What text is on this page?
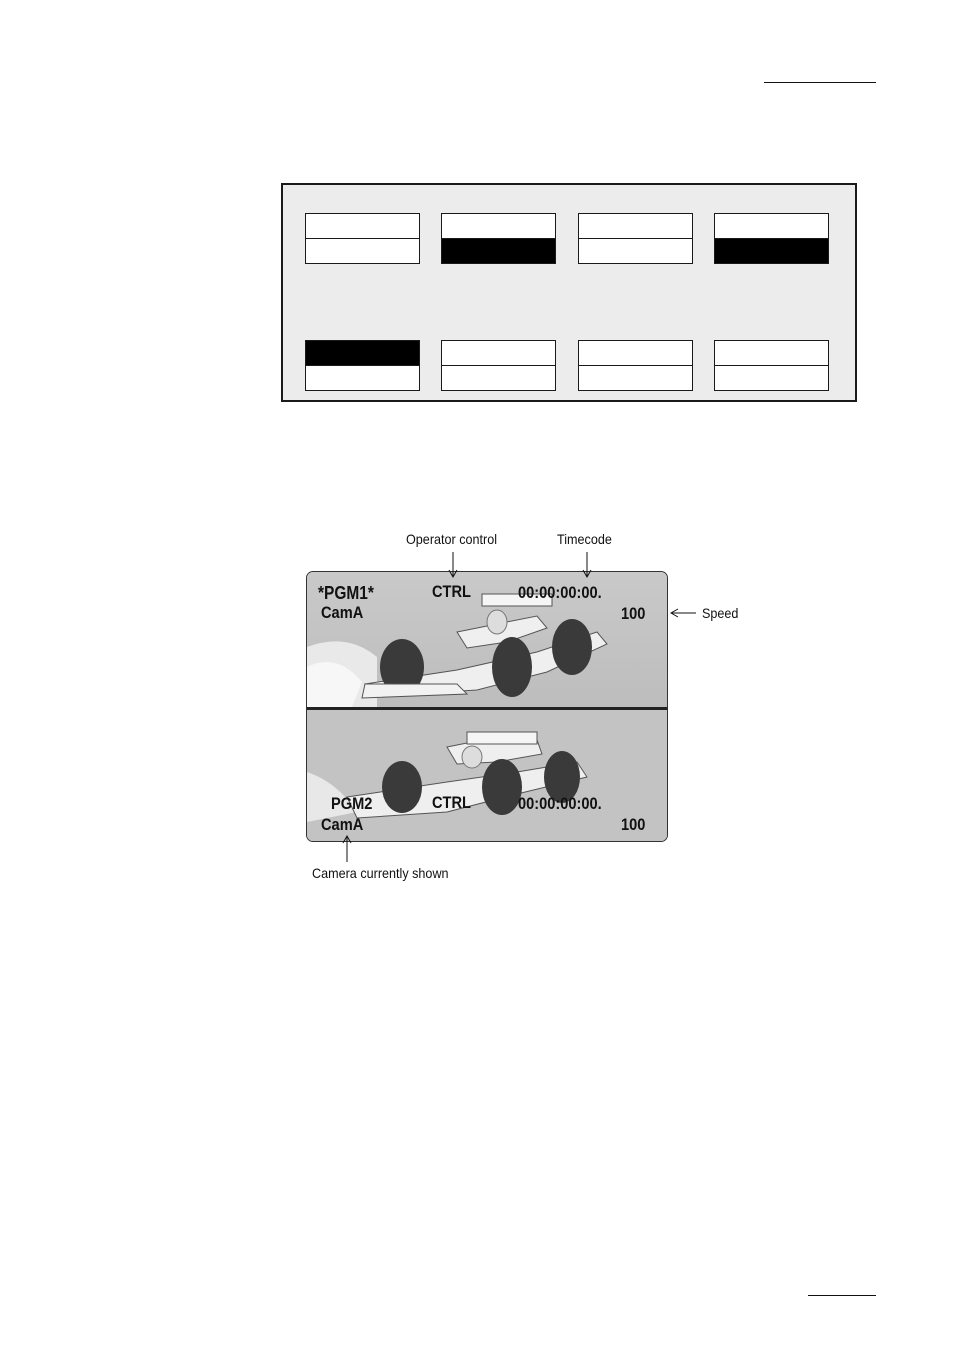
*PGM1*
CamA
CTRL	00:00:00:00.
100
PGM2
CamA
CTRL	00:00:00:00.
100
Operator control	Timecode
Speed
Camera currently shown
